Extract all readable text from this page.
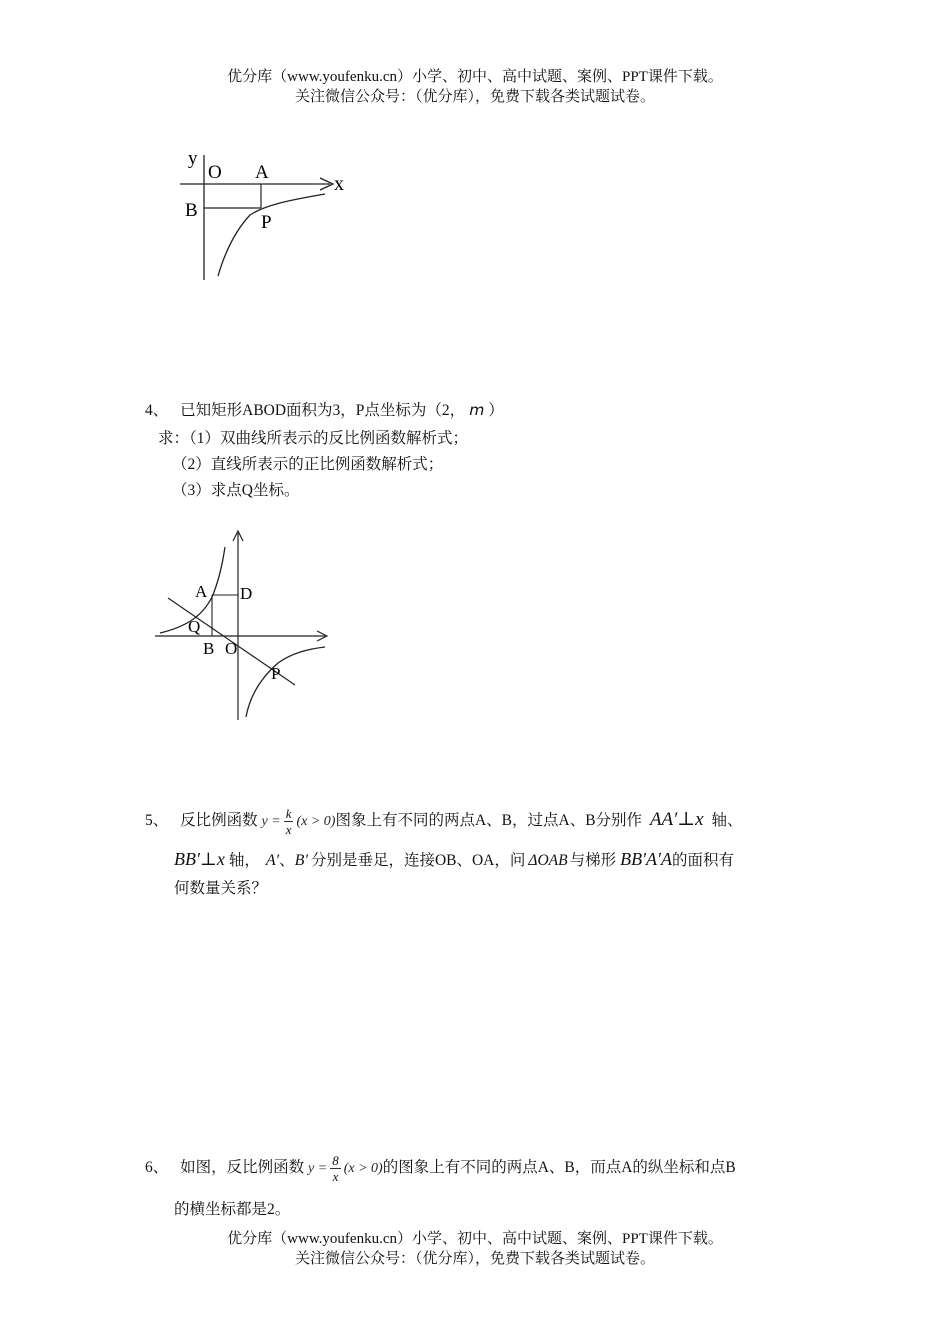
优分库（www.youfenku.cn）小学、初中、高中试题、案例、PPT课件下载。
关注微信公众号：（优分库），免费下载各类试题试卷。
y
O A
x
B
P
4、 已知矩形ABOD面积为3，P点坐标为（2， m ）
求：（1）双曲线所表示的反比例函数解析式；
（2）直线所表示的正比例函数解析式；
（3）求点Q坐标。
A D
Q
B O
P
5、 反比例函数 $y = \frac{k}{x} (x > 0)$图象上有不同的两点A、B，过点A、B分别作 AA′⊥x 轴、
BB′⊥x 轴， A′、B′ 分别是垂足，连接OB、OA，问 ΔOAB 与梯形 BB′A′A的面积有
何数量关系？
6、 如图，反比例函数 $y = \frac{8}{x} (x > 0)$的图象上有不同的两点A、B，而点A的纵坐标和点B
的横坐标都是2。
优分库（www.youfenku.cn）小学、初中、高中试题、案例、PPT课件下载。
关注微信公众号：（优分库），免费下载各类试题试卷。
